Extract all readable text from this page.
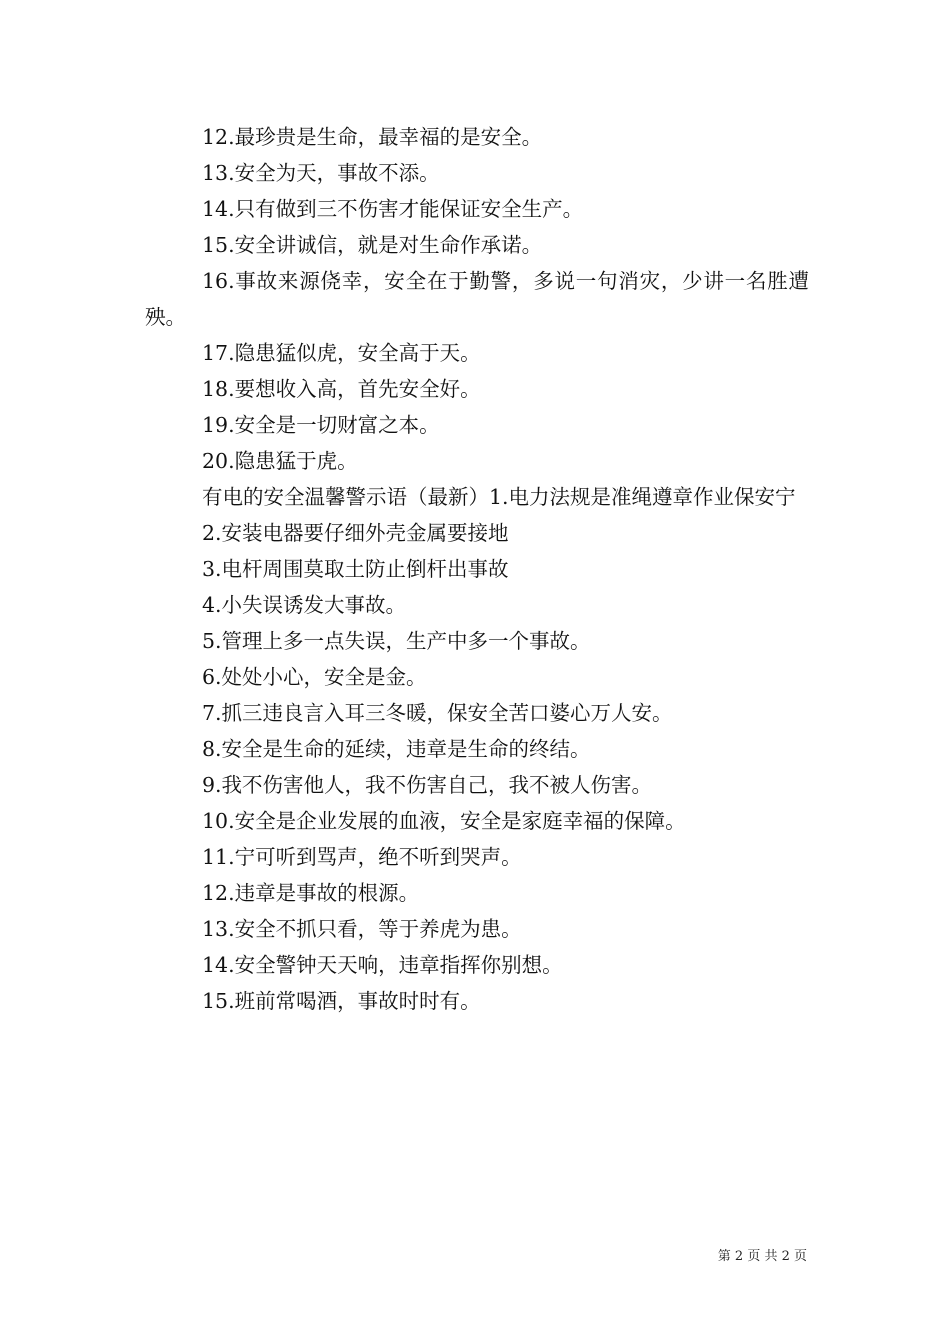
12.最珍贵是生命，最幸福的是安全。

13.安全为天，事故不添。

14.只有做到三不伤害才能保证安全生产。

15.安全讲诚信，就是对生命作承诺。

16.事故来源侥幸，安全在于勤警，多说一句消灾，少讲一名胜遭殃。

17.隐患猛似虎，安全高于天。

18.要想收入高，首先安全好。

19.安全是一切财富之本。

20.隐患猛于虎。

有电的安全温馨警示语（最新）1.电力法规是准绳遵章作业保安宁

2.安装电器要仔细外壳金属要接地

3.电杆周围莫取土防止倒杆出事故

4.小失误诱发大事故。

5.管理上多一点失误，生产中多一个事故。

6.处处小心，安全是金。

7.抓三违良言入耳三冬暖，保安全苦口婆心万人安。

8.安全是生命的延续，违章是生命的终结。

9.我不伤害他人，我不伤害自己，我不被人伤害。

10.安全是企业发展的血液，安全是家庭幸福的保障。

11.宁可听到骂声，绝不听到哭声。

12.违章是事故的根源。

13.安全不抓只看，等于养虎为患。

14.安全警钟天天响，违章指挥你别想。

15.班前常喝酒，事故时时有。

第 2 页 共 2 页
